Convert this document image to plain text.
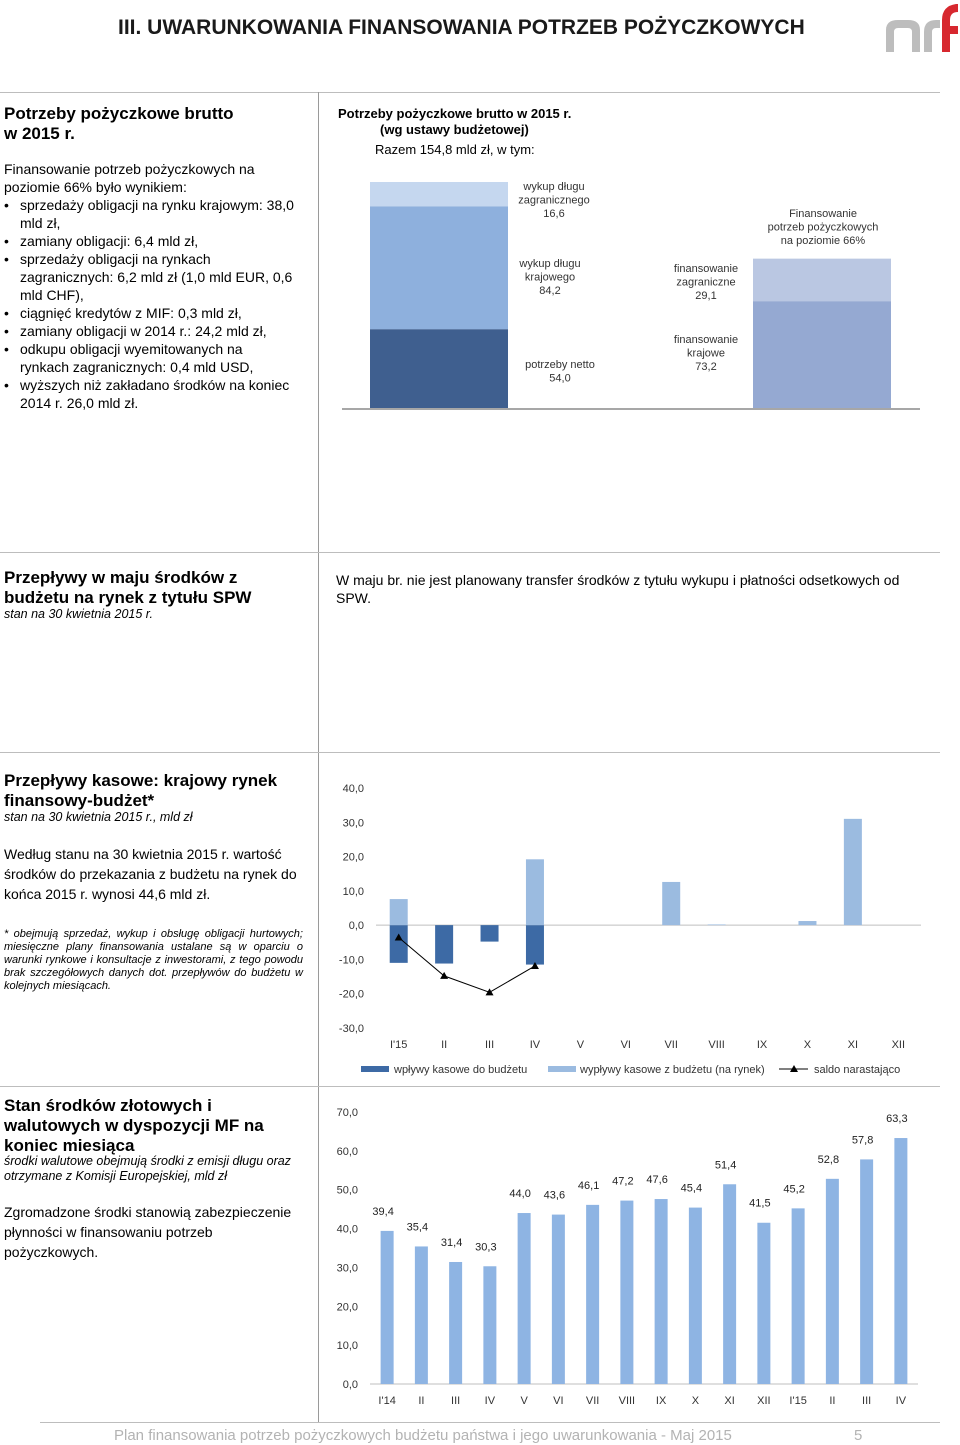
III. UWARUNKOWANIA FINANSOWANIA POTRZEB POŻYCZKOWYCH
Potrzeby pożyczkowe brutto w 2015 r.
Finansowanie potrzeb pożyczkowych na poziomie 66% było wynikiem:
• sprzedaży obligacji na rynku krajowym: 38,0 mld zł,
• zamiany obligacji: 6,4 mld zł,
• sprzedaży obligacji na rynkach zagranicznych: 6,2 mld zł (1,0 mld EUR, 0,6 mld CHF),
• ciągnięć kredytów z MIF: 0,3 mld zł,
• zamiany obligacji w 2014 r.: 24,2 mld zł,
• odkupu obligacji wyemitowanych na rynkach zagranicznych: 0,4 mld USD,
• wyższych niż zakładano środków na koniec 2014 r. 26,0 mld zł.
Potrzeby pożyczkowe brutto w 2015 r.
(wg ustawy budżetowej)
Razem 154,8 mld zł, w tym:
potrzeby netto
54,0
wykup długu
krajowego
84,2
wykup długu
zagranicznego
16,6
finansowanie
krajowe
73,2
finansowanie
zagraniczne
29,1
Finansowanie
potrzeb pożyczkowych
na poziomie 66%
Przepływy w maju środków z budżetu na rynek z tytułu SPW
stan na 30 kwietnia 2015 r.
W maju br. nie jest planowany transfer środków z tytułu wykupu i płatności odsetkowych od SPW.
Przepływy kasowe: krajowy rynek finansowy-budżet*
stan na 30 kwietnia 2015 r., mld zł
Według stanu na 30 kwietnia 2015 r. wartość środków do przekazania z budżetu na rynek do końca 2015 r. wynosi 44,6 mld zł.
* obejmują sprzedaż, wykup i obsługę obligacji hurtowych; miesięczne plany finansowania ustalane są w oparciu o warunki rynkowe i konsultacje z inwestorami, z tego powodu brak szczegółowych danych dot. przepływów do budżetu w kolejnych miesiącach.
40,0
30,0
20,0
10,0
0,0
-10,0
-20,0
-30,0
I'15	II	III	IV	V	VI	VII	VIII	IX	X	XI	XII
wpływy kasowe do budżetu	wypływy kasowe z budżetu (na rynek)	saldo narastająco
Stan środków złotowych i walutowych w dyspozycji MF na koniec miesiąca
środki walutowe obejmują środki z emisji długu oraz otrzymane z Komisji Europejskiej, mld zł
Zgromadzone środki stanowią zabezpieczenie płynności w finansowaniu potrzeb pożyczkowych.
70,0
60,0
50,0
40,0
30,0
20,0
10,0
0,0
39,4
35,4
31,4 30,3
44,0 43,6
46,1 47,2 47,6
45,4
51,4
41,5
45,2
52,8
57,8
63,3
I'14 II III IV V VI VII VIII IX X XI XII I'15 II III IV
Plan finansowania potrzeb pożyczkowych budżetu państwa i jego uwarunkowania - Maj 2015	5
